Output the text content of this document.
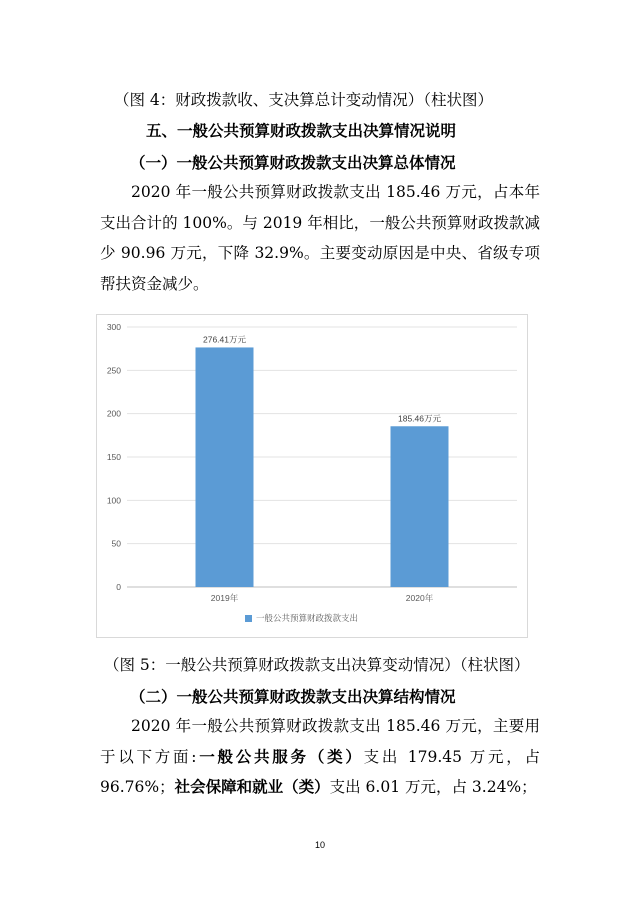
（图 4：财政拨款收、支决算总计变动情况）（柱状图）
五、一般公共预算财政拨款支出决算情况说明
（一）一般公共预算财政拨款支出决算总体情况
2020 年一般公共预算财政拨款支出 185.46 万元，占本年支出合计的 100%。与 2019 年相比，一般公共预算财政拨款减少 90.96 万元，下降 32.9%。主要变动原因是中央、省级专项帮扶资金减少。
0
50
100
150
200
250
300
276.41万元
2019年
185.46万元
2020年
一般公共预算财政拨款支出
（图 5：一般公共预算财政拨款支出决算变动情况）（柱状图）
（二）一般公共预算财政拨款支出决算结构情况
2020 年一般公共预算财政拨款支出 185.46 万元，主要用于以下方面:一般公共服务（类）支出 179.45 万元，占 96.76%；社会保障和就业（类）支出 6.01 万元，占 3.24%；
10
